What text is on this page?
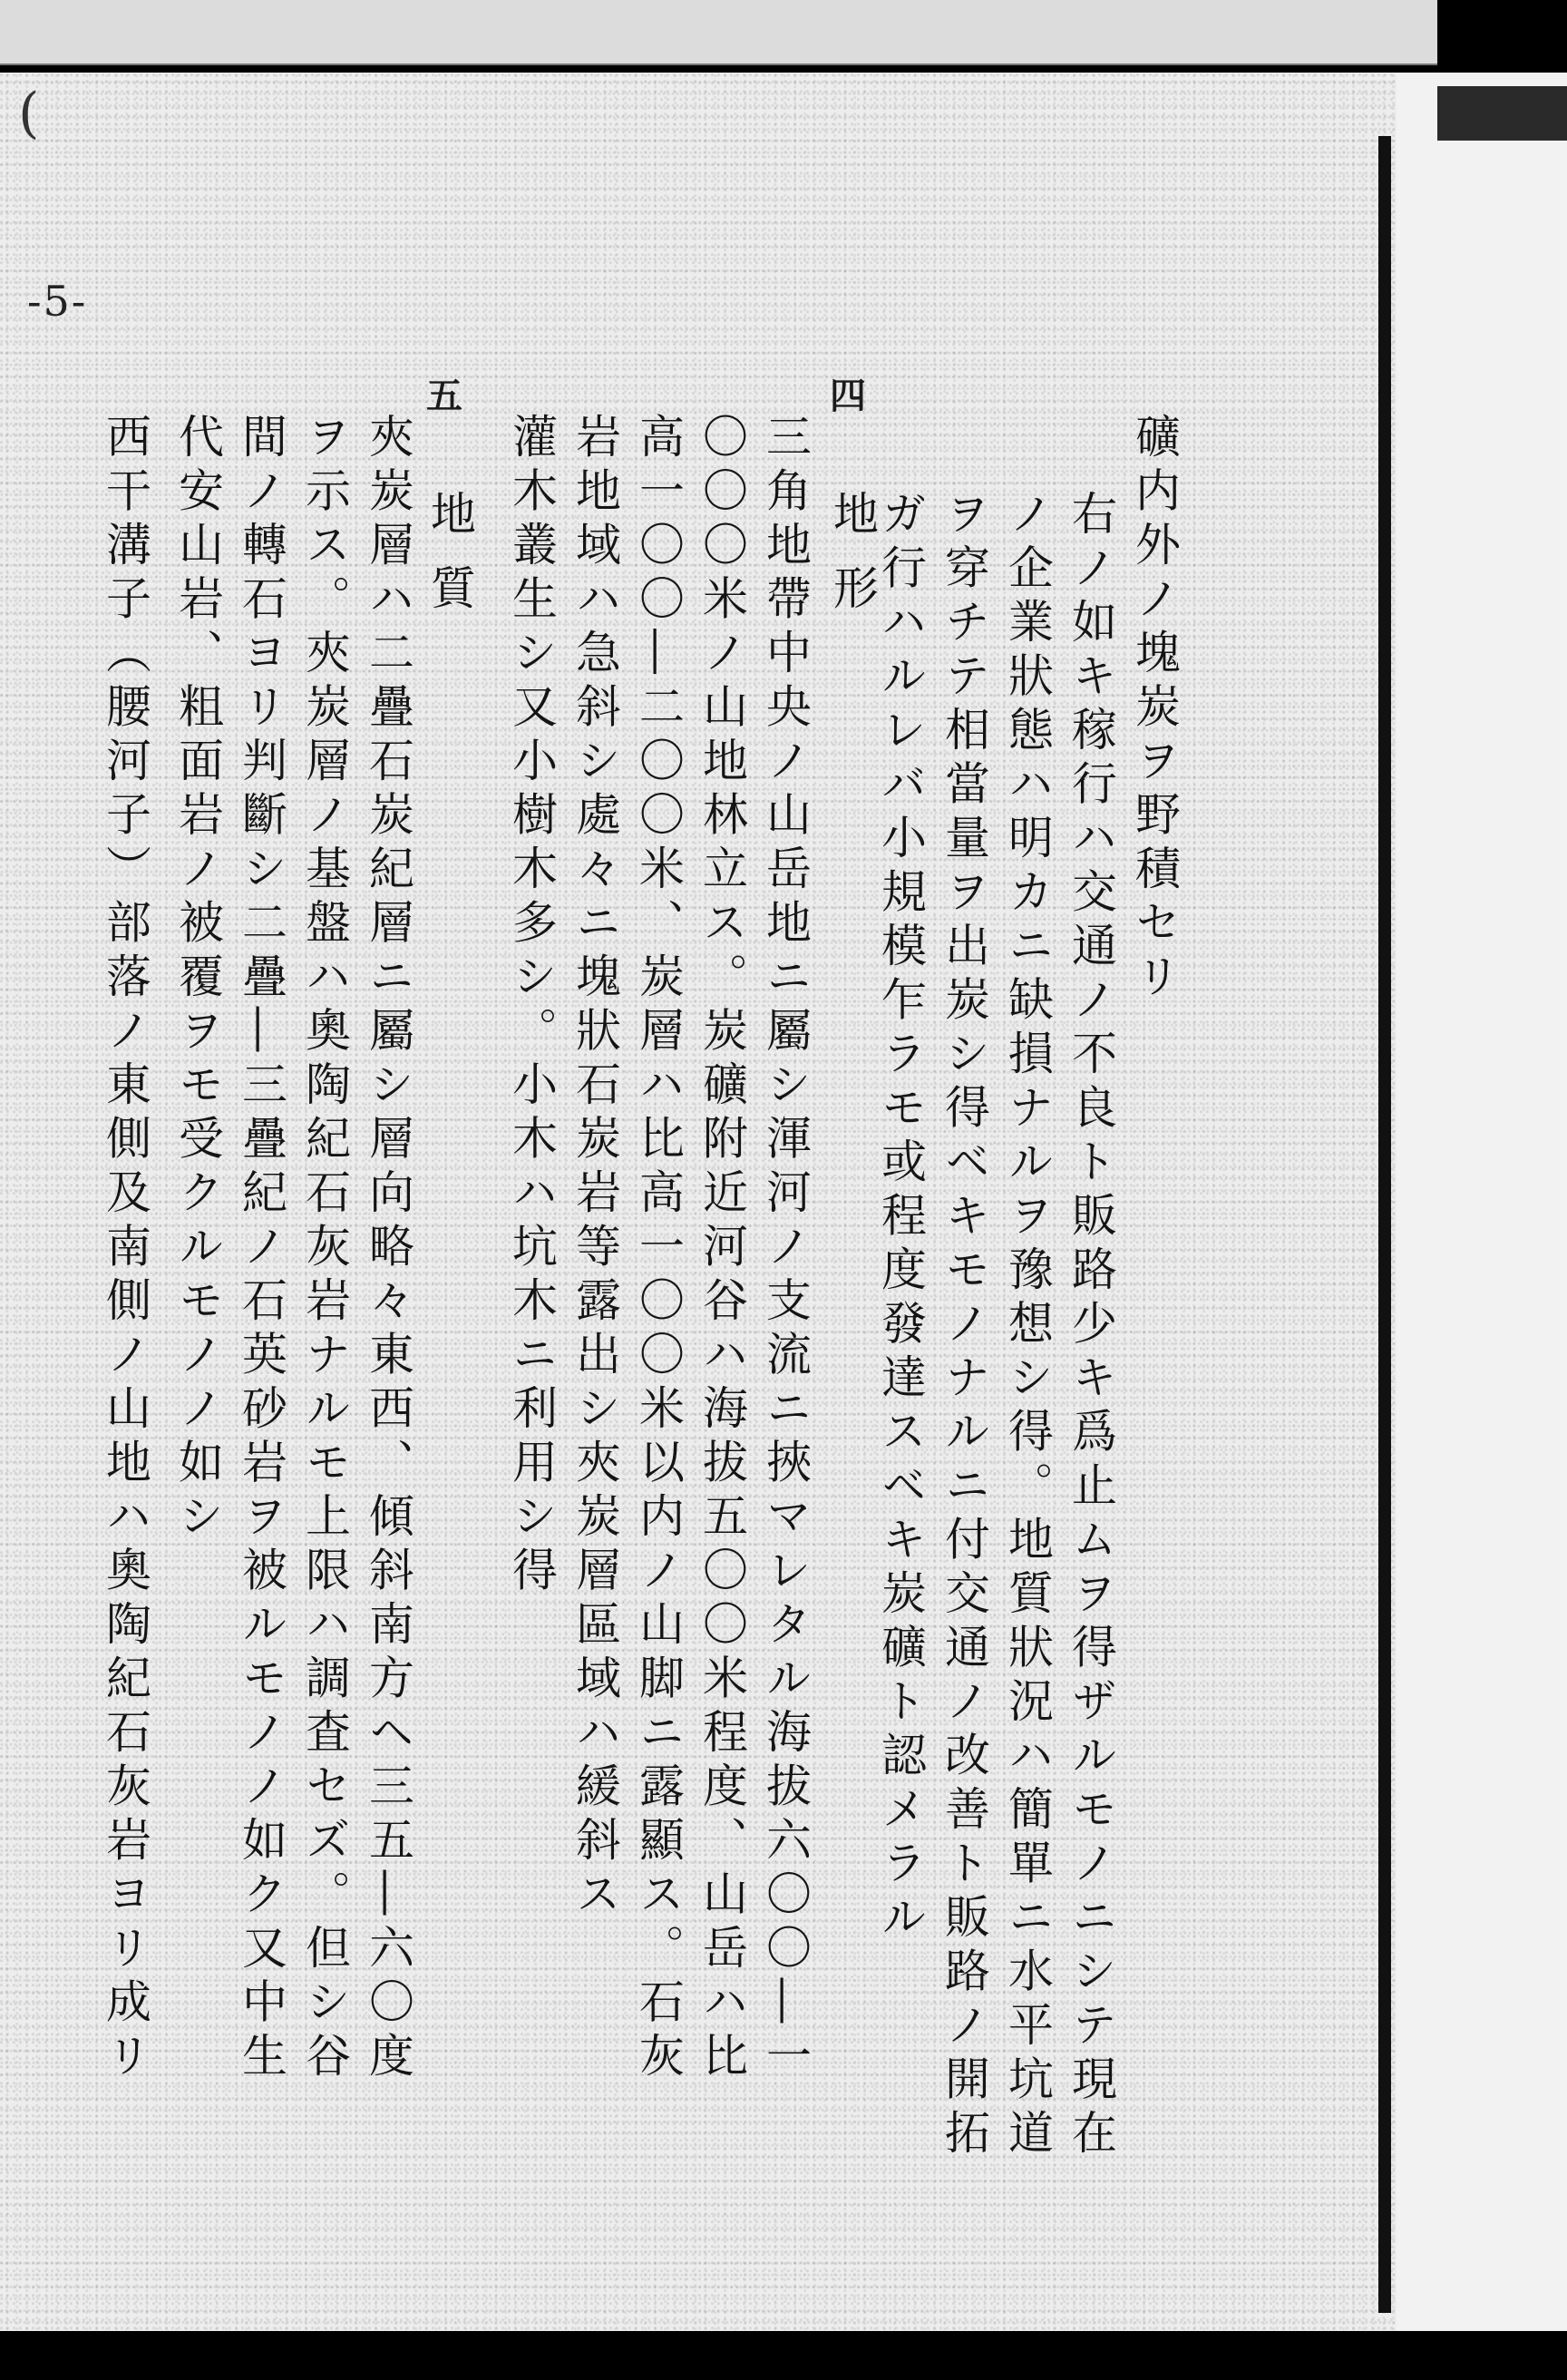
(
-5-
四
五
地形
地質	礦内外ノ塊炭ヲ野積セリ
右ノ如キ稼行ハ交通ノ不良ト販路少キ爲止ムヲ得ザルモノニシテ現在
ノ企業狀態ハ明カニ缺損ナルヲ豫想シ得。地質狀況ハ簡單ニ水平坑道
ヲ穿チテ相當量ヲ出炭シ得ベキモノナルニ付交通ノ改善ト販路ノ開拓
ガ行ハルレバ小規模乍ラモ或程度發達スベキ炭礦ト認メラル
三角地帶中央ノ山岳地ニ屬シ渾河ノ支流ニ挾マレタル海拔六〇〇―一
〇〇〇米ノ山地林立ス。炭礦附近河谷ハ海拔五〇〇米程度、山岳ハ比
高一〇〇―二〇〇米、炭層ハ比高一〇〇米以内ノ山脚ニ露顯ス。石灰
岩地域ハ急斜シ處々ニ塊狀石炭岩等露出シ夾炭層區域ハ緩斜ス
灌木叢生シ又小樹木多シ。小木ハ坑木ニ利用シ得
夾炭層ハ二疊石炭紀層ニ屬シ層向略々東西、傾斜南方ヘ三五―六〇度
ヲ示ス。夾炭層ノ基盤ハ奧陶紀石灰岩ナルモ上限ハ調査セズ。但シ谷
間ノ轉石ヨリ判斷シ二疊―三疊紀ノ石英砂岩ヲ被ルモノノ如ク又中生
代安山岩、粗面岩ノ被覆ヲモ受クルモノノ如シ
西干溝子（腰河子）部落ノ東側及南側ノ山地ハ奧陶紀石灰岩ヨリ成リ
